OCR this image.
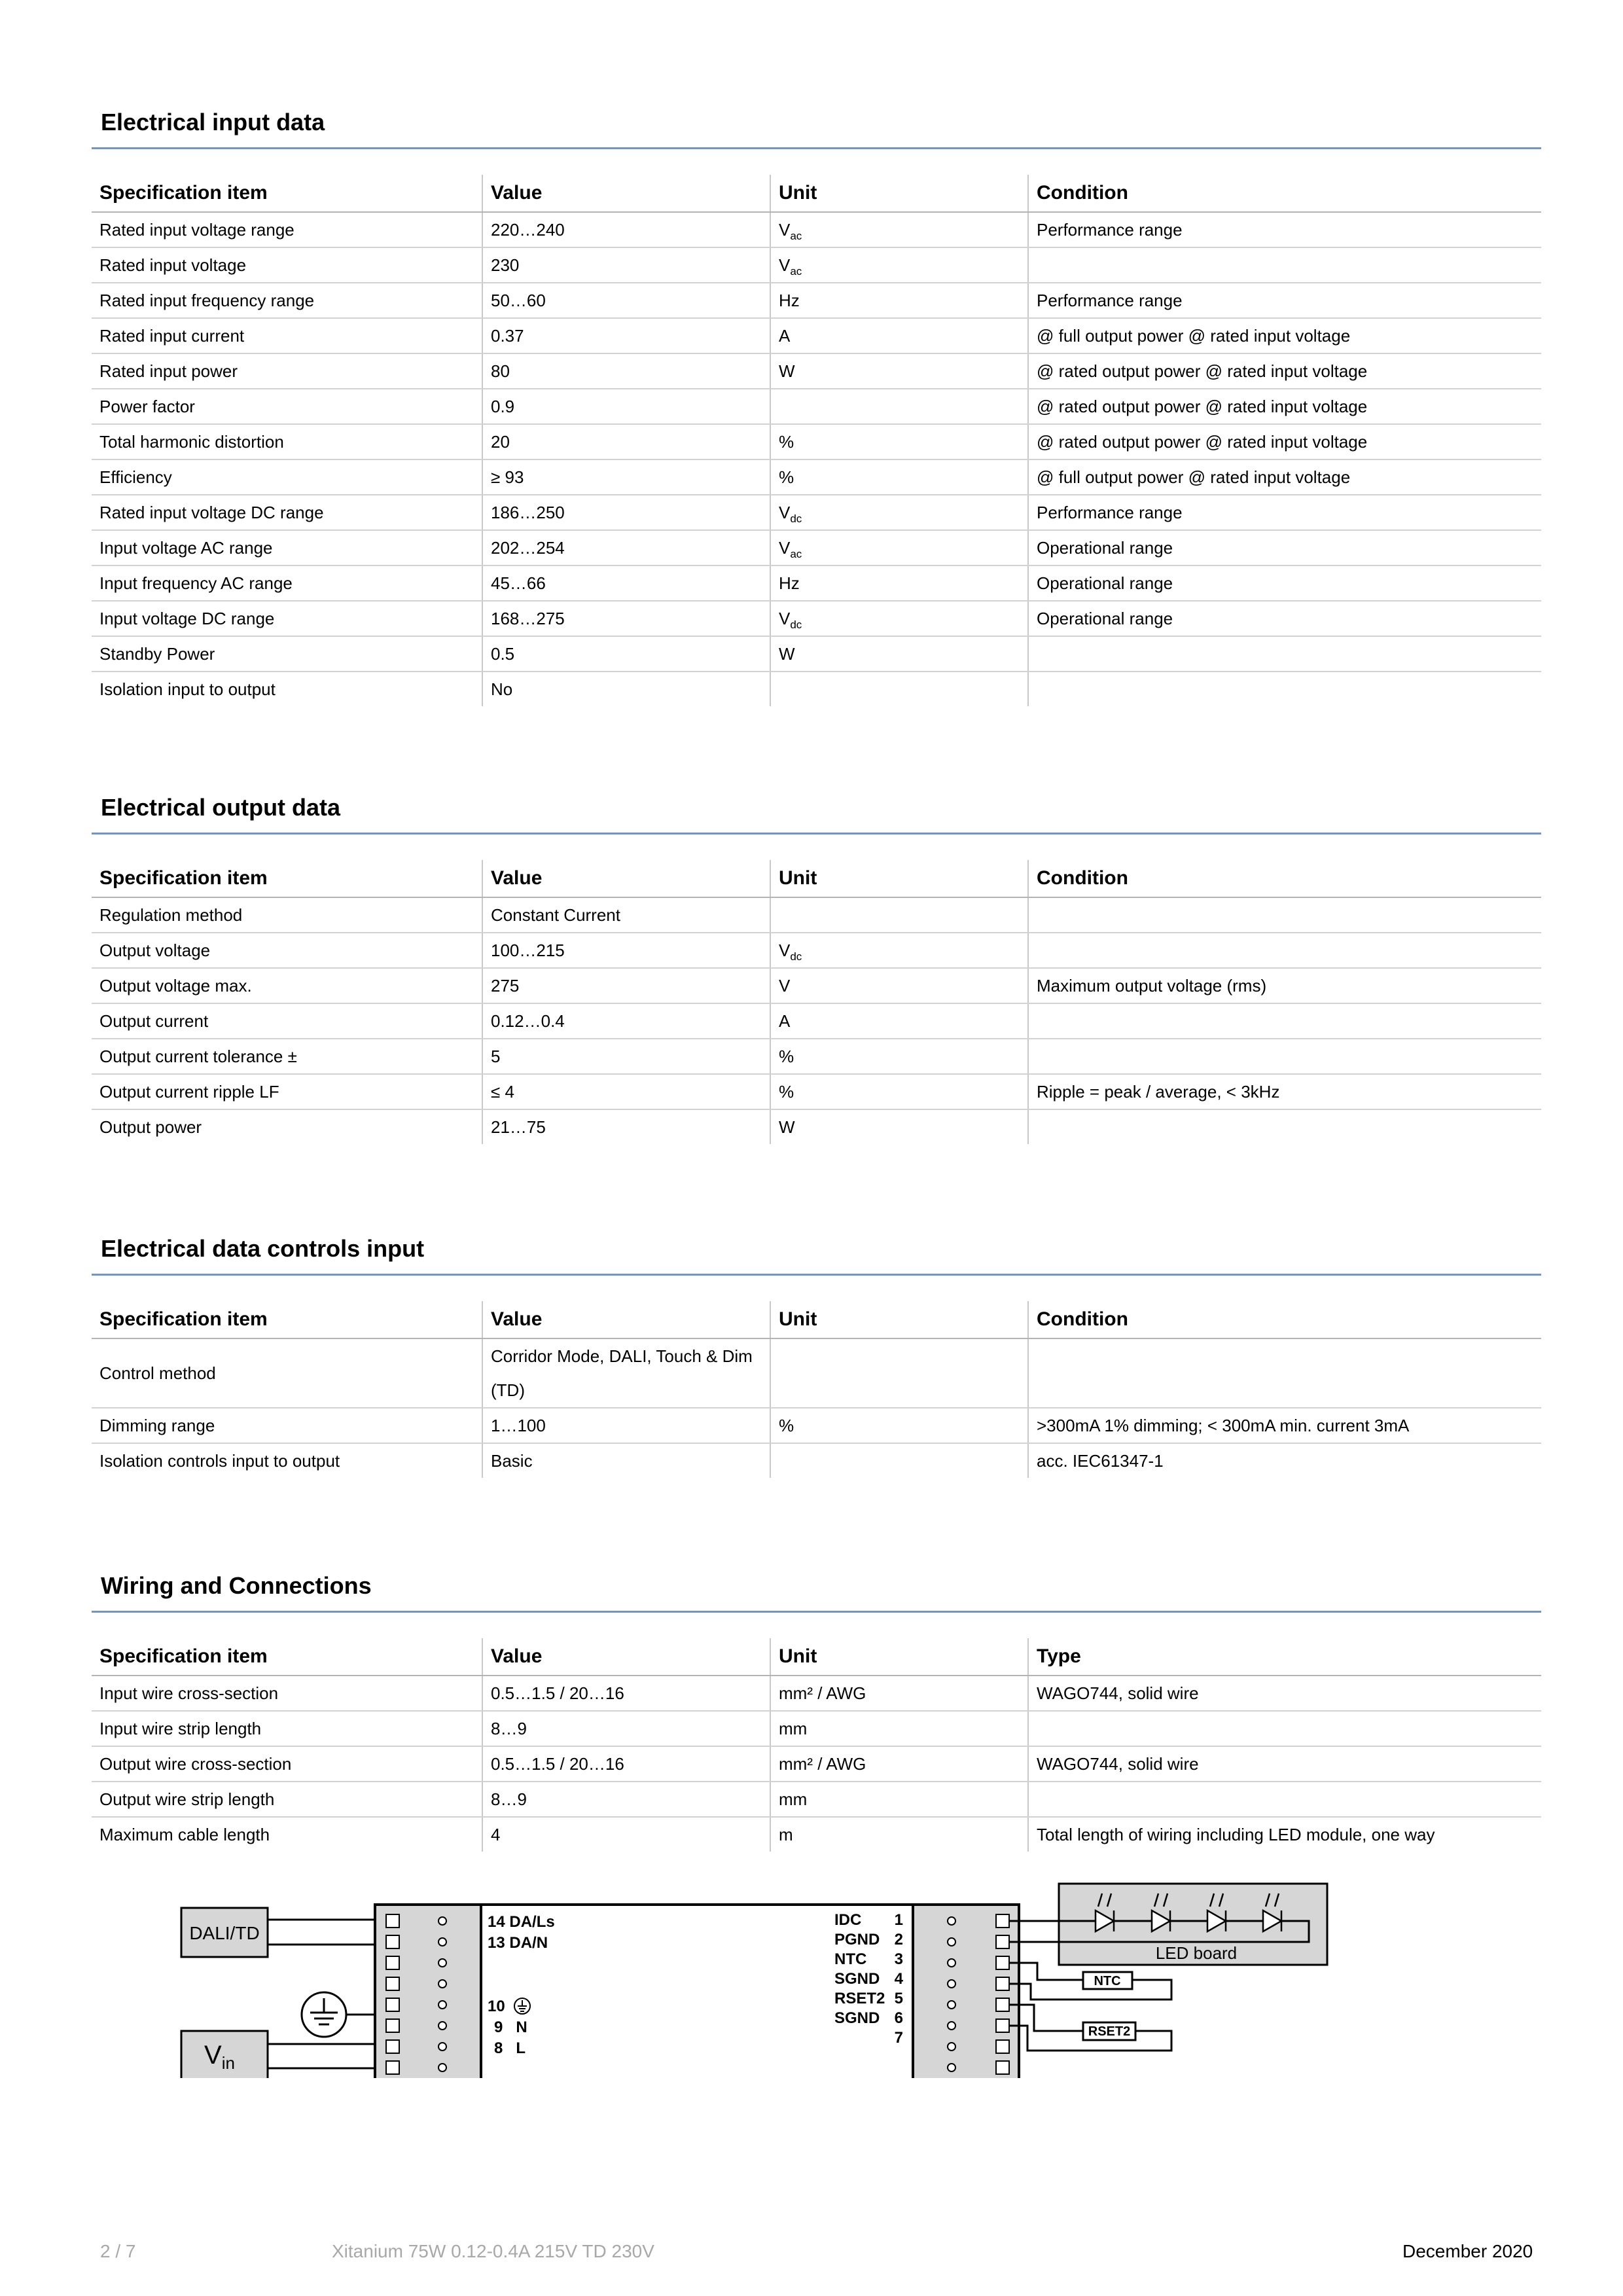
Electrical input data
Specification item	Value	Unit	Condition
Rated input voltage range	220…240	$V_{ac}$	Performance range
Rated input voltage	230	$V_{ac}$	
Rated input frequency range	50…60	Hz	Performance range
Rated input current	0.37	A	@ full output power @ rated input voltage
Rated input power	80	W	@ rated output power @ rated input voltage
Power factor	0.9		@ rated output power @ rated input voltage
Total harmonic distortion	20	%	@ rated output power @ rated input voltage
Efficiency	≥ 93	%	@ full output power @ rated input voltage
Rated input voltage DC range	186…250	$V_{dc}$	Performance range
Input voltage AC range	202…254	$V_{ac}$	Operational range
Input frequency AC range	45…66	Hz	Operational range
Input voltage DC range	168…275	$V_{dc}$	Operational range
Standby Power	0.5	W	
Isolation input to output	No		
Electrical output data
Specification item	Value	Unit	Condition
Regulation method	Constant Current		
Output voltage	100…215	$V_{dc}$	
Output voltage max.	275	V	Maximum output voltage (rms)
Output current	0.12…0.4	A	
Output current tolerance ±	5	%	
Output current ripple LF	≤ 4	%	Ripple = peak / average, < 3kHz
Output power	21…75	W	
Electrical data controls input
Specification item	Value	Unit	Condition
Control method	Corridor Mode, DALI, Touch & Dim (TD)		
Dimming range	1…100	%	>300mA 1% dimming; < 300mA min. current 3mA
Isolation controls input to output	Basic		acc. IEC61347-1
Wiring and Connections
Specification item	Value	Unit	Type
Input wire cross-section	0.5…1.5 / 20…16	mm² / AWG	WAGO744, solid wire
Input wire strip length	8…9	mm	
Output wire cross-section	0.5…1.5 / 20…16	mm² / AWG	WAGO744, solid wire
Output wire strip length	8…9	mm	
Maximum cable length	4	m	Total length of wiring including LED module, one way
DALI/TD
$V_{in}$
14 DA/Ls
13 DA/N
10
9   N
8   L
IDC 1
PGND 2
NTC 3
SGND 4
RSET2 5
SGND 6
7
LED board
NTC
RSET2
2 / 7	Xitanium 75W 0.12-0.4A 215V TD 230V	December 2020
